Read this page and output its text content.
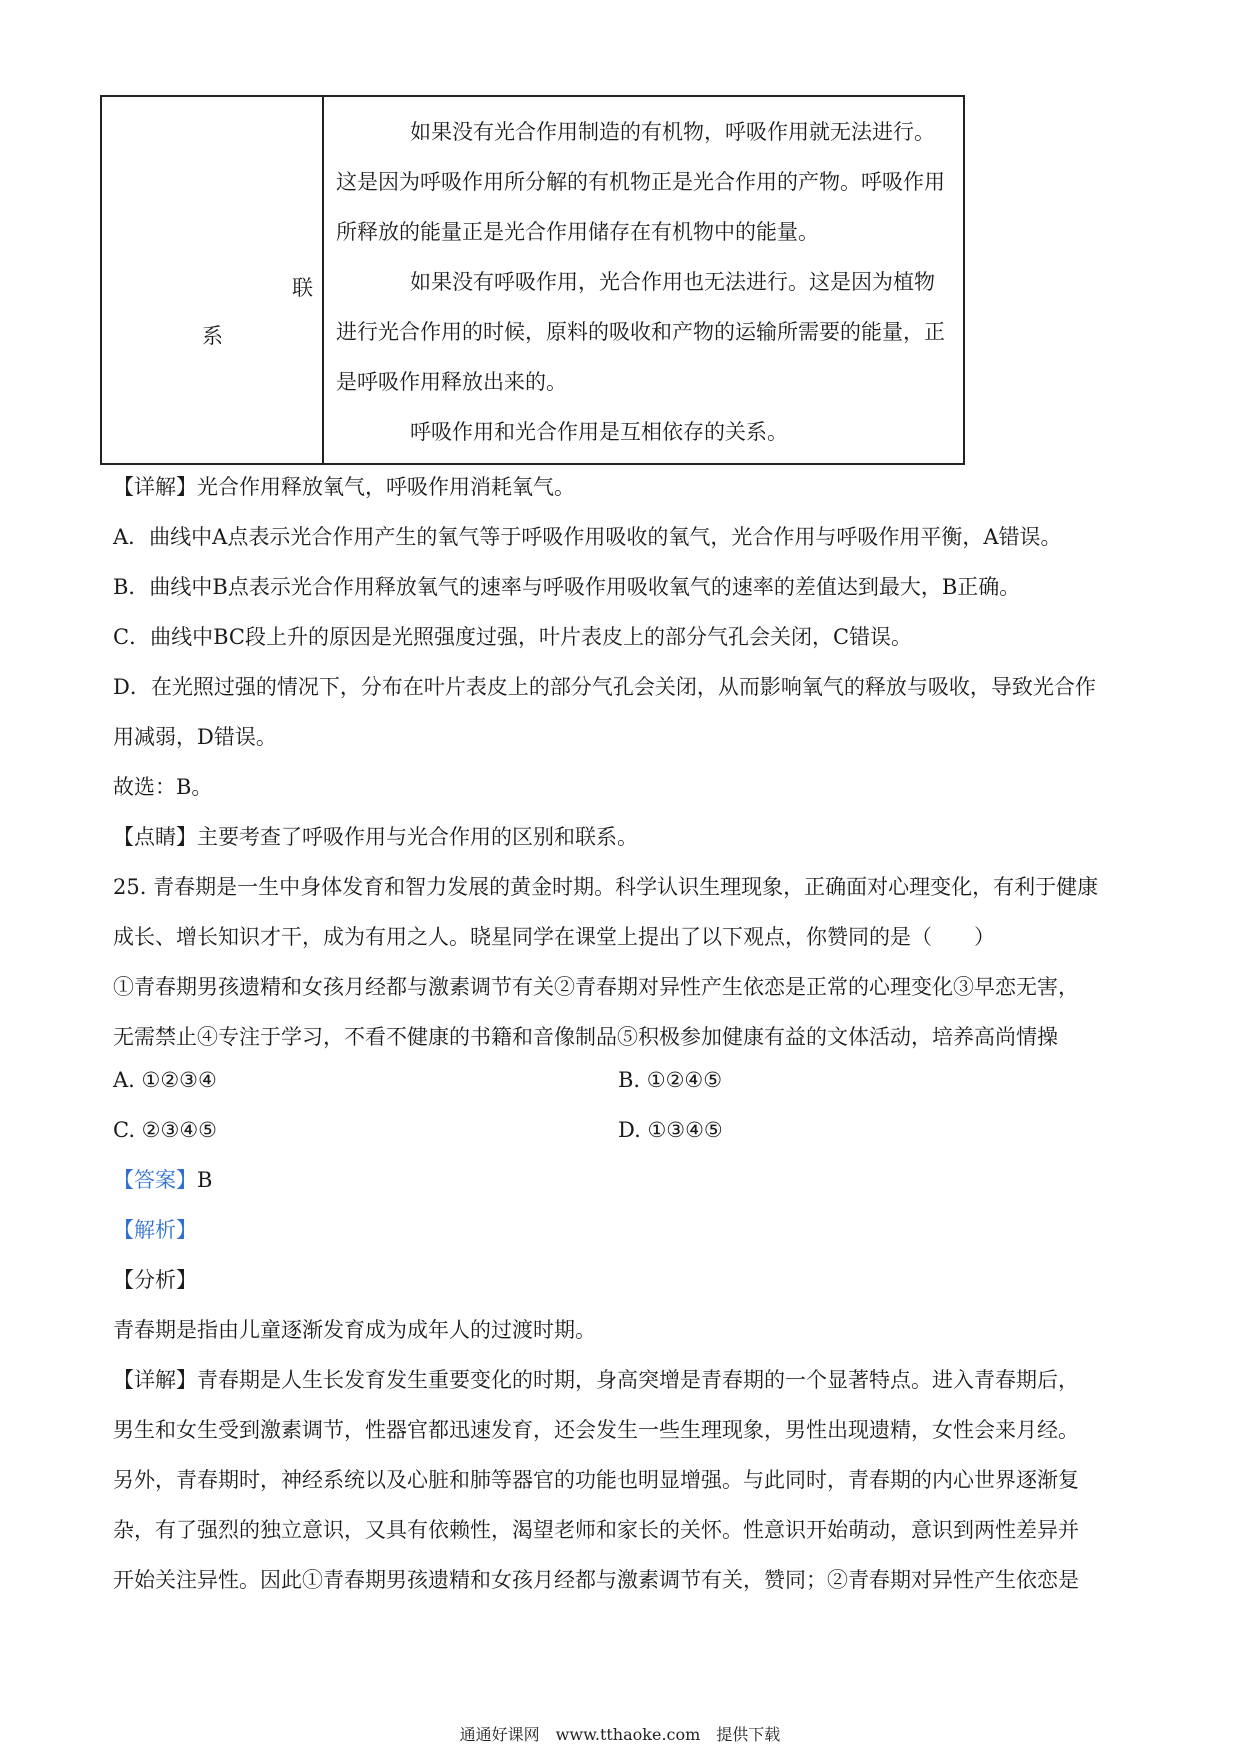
联
系

如果没有光合作用制造的有机物，呼吸作用就无法进行。这是因为呼吸作用所分解的有机物正是光合作用的产物。呼吸作用所释放的能量正是光合作用储存在有机物中的能量。

如果没有呼吸作用，光合作用也无法进行。这是因为植物进行光合作用的时候，原料的吸收和产物的运输所需要的能量，正是呼吸作用释放出来的。

呼吸作用和光合作用是互相依存的关系。

【详解】光合作用释放氧气，呼吸作用消耗氧气。
A．曲线中A点表示光合作用产生的氧气等于呼吸作用吸收的氧气，光合作用与呼吸作用平衡，A错误。
B．曲线中B点表示光合作用释放氧气的速率与呼吸作用吸收氧气的速率的差值达到最大，B正确。
C．曲线中BC段上升的原因是光照强度过强，叶片表皮上的部分气孔会关闭，C错误。
D．在光照过强的情况下，分布在叶片表皮上的部分气孔会关闭，从而影响氧气的释放与吸收，导致光合作
用减弱，D错误。
故选：B。
【点睛】主要考查了呼吸作用与光合作用的区别和联系。
25. 青春期是一生中身体发育和智力发展的黄金时期。科学认识生理现象，正确面对心理变化，有利于健康
成长、增长知识才干，成为有用之人。晓星同学在课堂上提出了以下观点，你赞同的是（　　）
①青春期男孩遗精和女孩月经都与激素调节有关②青春期对异性产生依恋是正常的心理变化③早恋无害，
无需禁止④专注于学习，不看不健康的书籍和音像制品⑤积极参加健康有益的文体活动，培养高尚情操
A. ①②③④	B. ①②④⑤
C. ②③④⑤	D. ①③④⑤
【答案】B
【解析】
【分析】
青春期是指由儿童逐渐发育成为成年人的过渡时期。
【详解】青春期是人生长发育发生重要变化的时期，身高突增是青春期的一个显著特点。进入青春期后，
男生和女生受到激素调节，性器官都迅速发育，还会发生一些生理现象，男性出现遗精，女性会来月经。
另外，青春期时，神经系统以及心脏和肺等器官的功能也明显增强。与此同时，青春期的内心世界逐渐复
杂，有了强烈的独立意识，又具有依赖性，渴望老师和家长的关怀。性意识开始萌动，意识到两性差异并
开始关注异性。因此①青春期男孩遗精和女孩月经都与激素调节有关，赞同；②青春期对异性产生依恋是
通通好课网　www.tthaoke.com　提供下载
